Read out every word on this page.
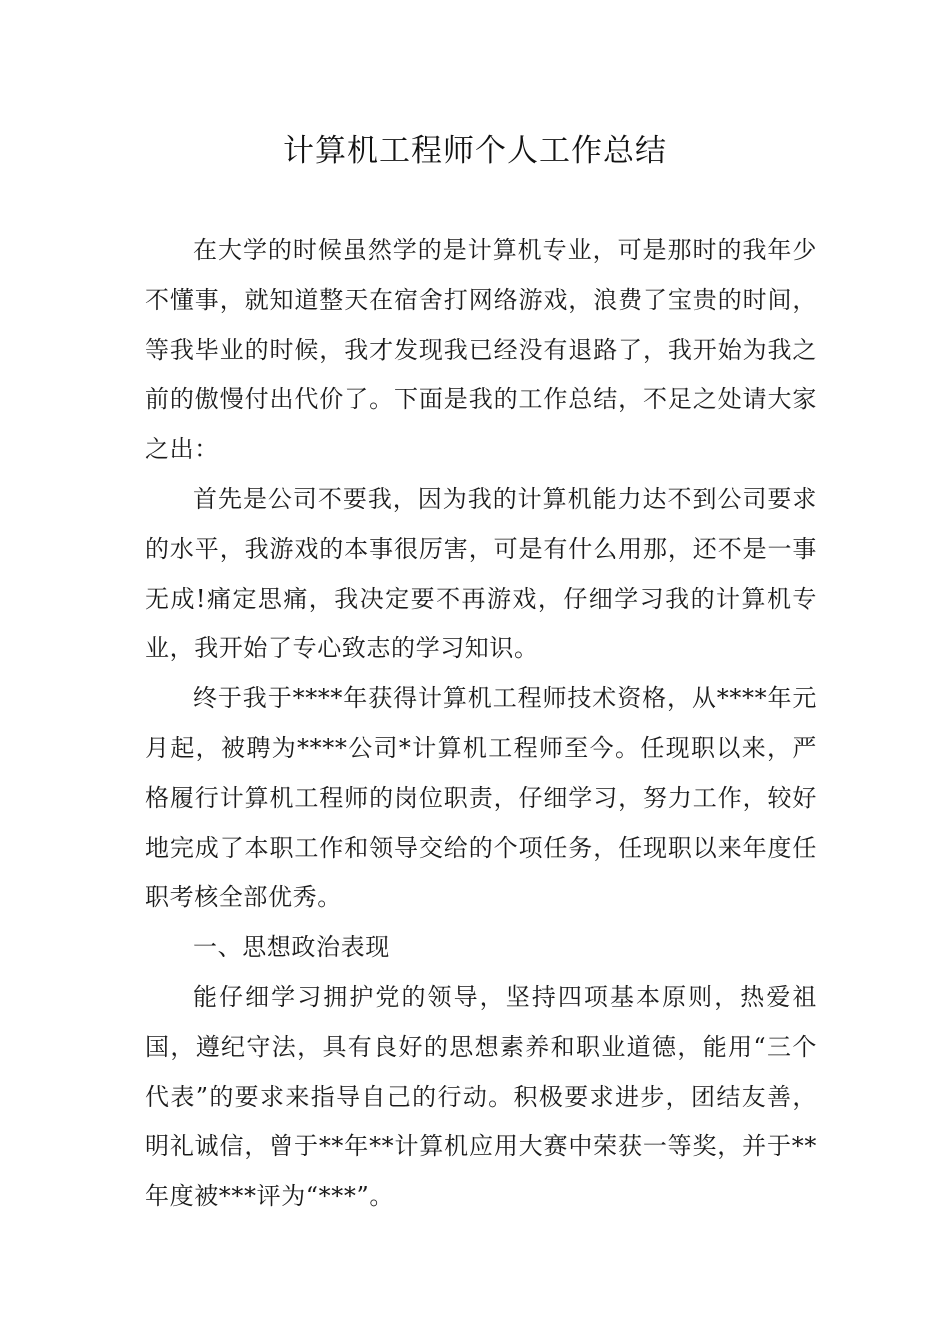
计算机工程师个人工作总结

在大学的时候虽然学的是计算机专业，可是那时的我年少不懂事，就知道整天在宿舍打网络游戏，浪费了宝贵的时间，等我毕业的时候，我才发现我已经没有退路了，我开始为我之前的傲慢付出代价了。下面是我的工作总结，不足之处请大家之出：

首先是公司不要我，因为我的计算机能力达不到公司要求的水平，我游戏的本事很厉害，可是有什么用那，还不是一事无成!痛定思痛，我决定要不再游戏，仔细学习我的计算机专业，我开始了专心致志的学习知识。

终于我于****年获得计算机工程师技术资格，从****年元月起，被聘为****公司*计算机工程师至今。任现职以来，严格履行计算机工程师的岗位职责，仔细学习，努力工作，较好地完成了本职工作和领导交给的个项任务，任现职以来年度任职考核全部优秀。

一、思想政治表现

能仔细学习拥护党的领导，坚持四项基本原则，热爱祖国，遵纪守法，具有良好的思想素养和职业道德，能用“三个代表”的要求来指导自己的行动。积极要求进步，团结友善，明礼诚信，曾于**年**计算机应用大赛中荣获一等奖，并于**年度被***评为“***”。
